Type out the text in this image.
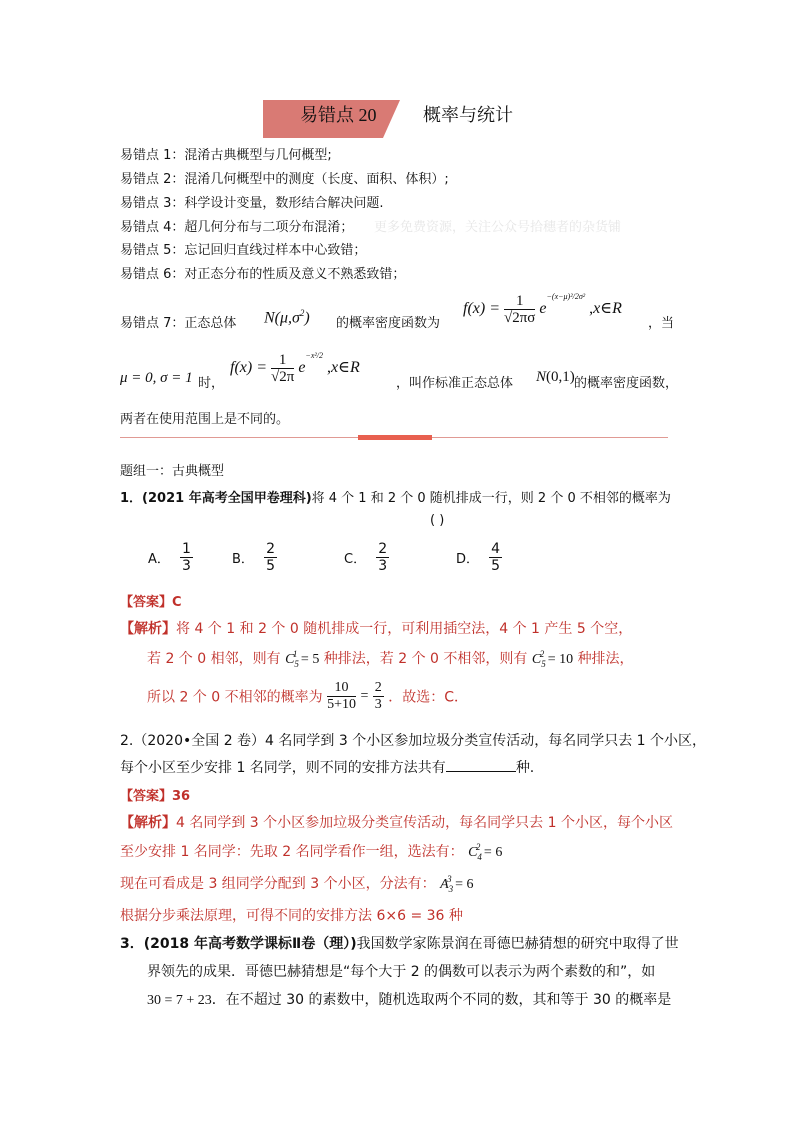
易错点 20	概率与统计
易错点 1：混淆古典概型与几何概型;
易错点 2：混淆几何概型中的测度（长度、面积、体积）;
易错点 3：科学设计变量，数形结合解决问题.
易错点 4：超几何分布与二项分布混淆； 更多免费资源，关注公众号拾穗者的杂货铺
易错点 5：忘记回归直线过样本中心致错；
易错点 6：对正态分布的性质及意义不熟悉致错；
易错点 7：正态总体 $N(\mu,\sigma^2)$ 的概率密度函数为
$f(x) = \frac{1}{√2\pi\sigma} e^{-(x-\mu)^2/2\sigma^2}$ ,x∈R
，当
μ = 0, σ = 1 时，
$f(x) = \frac{1}{√2\pi} e^{-x^2/2}$ ,x∈R
，叫作标准正态总体 N(0,1) 的概率密度函数，
两者在使用范围上是不同的。
题组一：古典概型
1．(2021 年高考全国甲卷理科)将 4 个 1 和 2 个 0 随机排成一行，则 2 个 0 不相邻的概率为
( )
A． $\frac{1}{3}$	B． $\frac{2}{5}$	C． $\frac{2}{3}$	D． $\frac{4}{5}$
【答案】C
【解析】将 4 个 1 和 2 个 0 随机排成一行，可利用插空法，4 个 1 产生 5 个空，
若 2 个 0 相邻，则有 $C_5^1 = 5$ 种排法，若 2 个 0 不相邻，则有 $C_5^2 = 10$ 种排法，
所以 2 个 0 不相邻的概率为 $\frac{10}{5+10} = \frac{2}{3}$ ．故选：C．
2.（2020•全国 2 卷）4 名同学到 3 个小区参加垃圾分类宣传活动，每名同学只去 1 个小区，
每个小区至少安排 1 名同学，则不同的安排方法共有	种.
【答案】36
【解析】4 名同学到 3 个小区参加垃圾分类宣传活动，每名同学只去 1 个小区，每个小区
至少安排 1 名同学：先取 2 名同学看作一组，选法有： $C_4^2 = 6$
现在可看成是 3 组同学分配到 3 个小区，分法有： $A_3^3 = 6$
根据分步乘法原理，可得不同的安排方法 6×6 = 36 种
3．(2018 年高考数学课标Ⅱ卷（理）)我国数学家陈景润在哥德巴赫猜想的研究中取得了世
界领先的成果．哥德巴赫猜想是“每个大于 2 的偶数可以表示为两个素数的和”，如
30 = 7 + 23．在不超过 30 的素数中，随机选取两个不同的数，其和等于 30 的概率是
